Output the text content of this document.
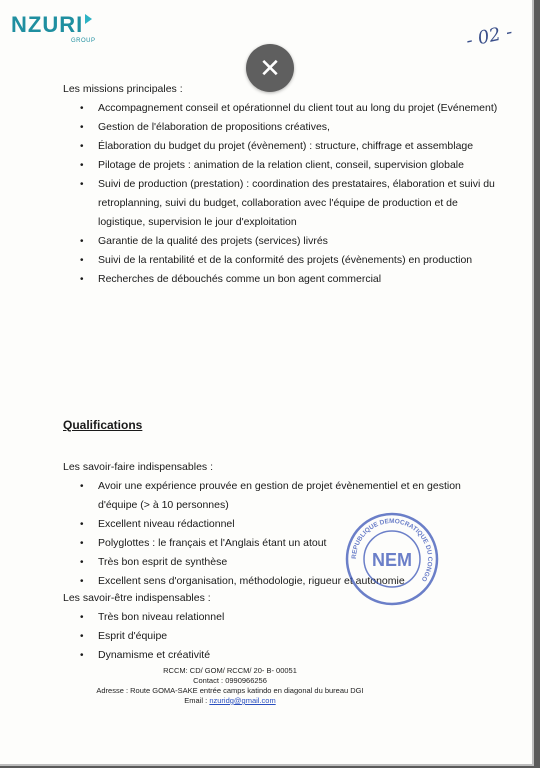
NZURI
GROUP	- 02 -
✕
Les missions principales :
• Accompagnement conseil et opérationnel du client tout au long du projet (Evénement)
• Gestion de l'élaboration de propositions créatives,
• Élaboration du budget du projet (évènement) : structure, chiffrage et assemblage
• Pilotage de projets : animation de la relation client, conseil, supervision globale
• Suivi de production (prestation) : coordination des prestataires, élaboration et suivi du retroplanning, suivi du budget, collaboration avec l'équipe de production et de logistique, supervision le jour d'exploitation
• Garantie de la qualité des projets (services) livrés
• Suivi de la rentabilité et de la conformité des projets (évènements) en production
• Recherches de débouchés comme un bon agent commercial
Qualifications
Les savoir-faire indispensables :
• Avoir une expérience prouvée en gestion de projet évènementiel et en gestion d'équipe (> à 10 personnes)
• Excellent niveau rédactionnel
• Polyglottes : le français et l'Anglais étant un atout
• Très bon esprit de synthèse
• Excellent sens d'organisation, méthodologie, rigueur et autonomie
Les savoir-être indispensables :
• Très bon niveau relationnel
• Esprit d'équipe
• Dynamisme et créativité
REPUBLIQUE DEMOCRATIQUE DU CONGO
NEM
RCCM: CD/ GOM/ RCCM/ 20- B- 00051
Contact : 0990966256
Adresse : Route GOMA-SAKE entrée camps katindo en diagonal du bureau DGI
Email : nzuridg@gmail.com
